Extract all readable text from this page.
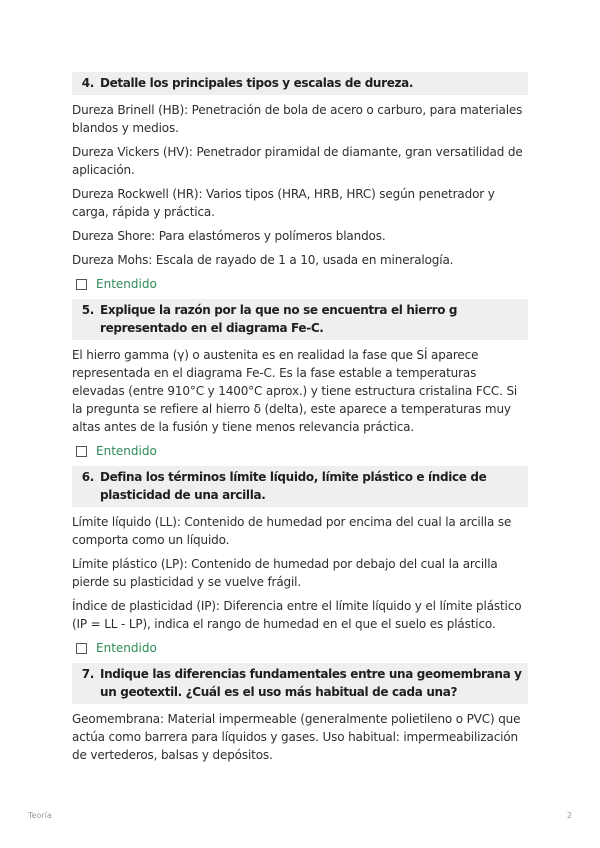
4. Detalle los principales tipos y escalas de dureza.

Dureza Brinell (HB): Penetración de bola de acero o carburo, para materiales blandos y medios.

Dureza Vickers (HV): Penetrador piramidal de diamante, gran versatilidad de aplicación.

Dureza Rockwell (HR): Varios tipos (HRA, HRB, HRC) según penetrador y carga, rápida y práctica.

Dureza Shore: Para elastómeros y polímeros blandos.

Dureza Mohs: Escala de rayado de 1 a 10, usada en mineralogía.

Entendido
5. Explique la razón por la que no se encuentra el hierro g representado en el diagrama Fe-C.

El hierro gamma (γ) o austenita es en realidad la fase que SÍ aparece representada en el diagrama Fe-C. Es la fase estable a temperaturas elevadas (entre 910°C y 1400°C aprox.) y tiene estructura cristalina FCC. Si la pregunta se refiere al hierro δ (delta), este aparece a temperaturas muy altas antes de la fusión y tiene menos relevancia práctica.

Entendido
6. Defina los términos límite líquido, límite plástico e índice de plasticidad de una arcilla.

Límite líquido (LL): Contenido de humedad por encima del cual la arcilla se comporta como un líquido.

Límite plástico (LP): Contenido de humedad por debajo del cual la arcilla pierde su plasticidad y se vuelve frágil.

Índice de plasticidad (IP): Diferencia entre el límite líquido y el límite plástico (IP = LL - LP), indica el rango de humedad en el que el suelo es plástico.

Entendido
7. Indique las diferencias fundamentales entre una geomembrana y un geotextil. ¿Cuál es el uso más habitual de cada una?

Geomembrana: Material impermeable (generalmente polietileno o PVC) que actúa como barrera para líquidos y gases. Uso habitual: impermeabilización de vertederos, balsas y depósitos.

Teoría	2
